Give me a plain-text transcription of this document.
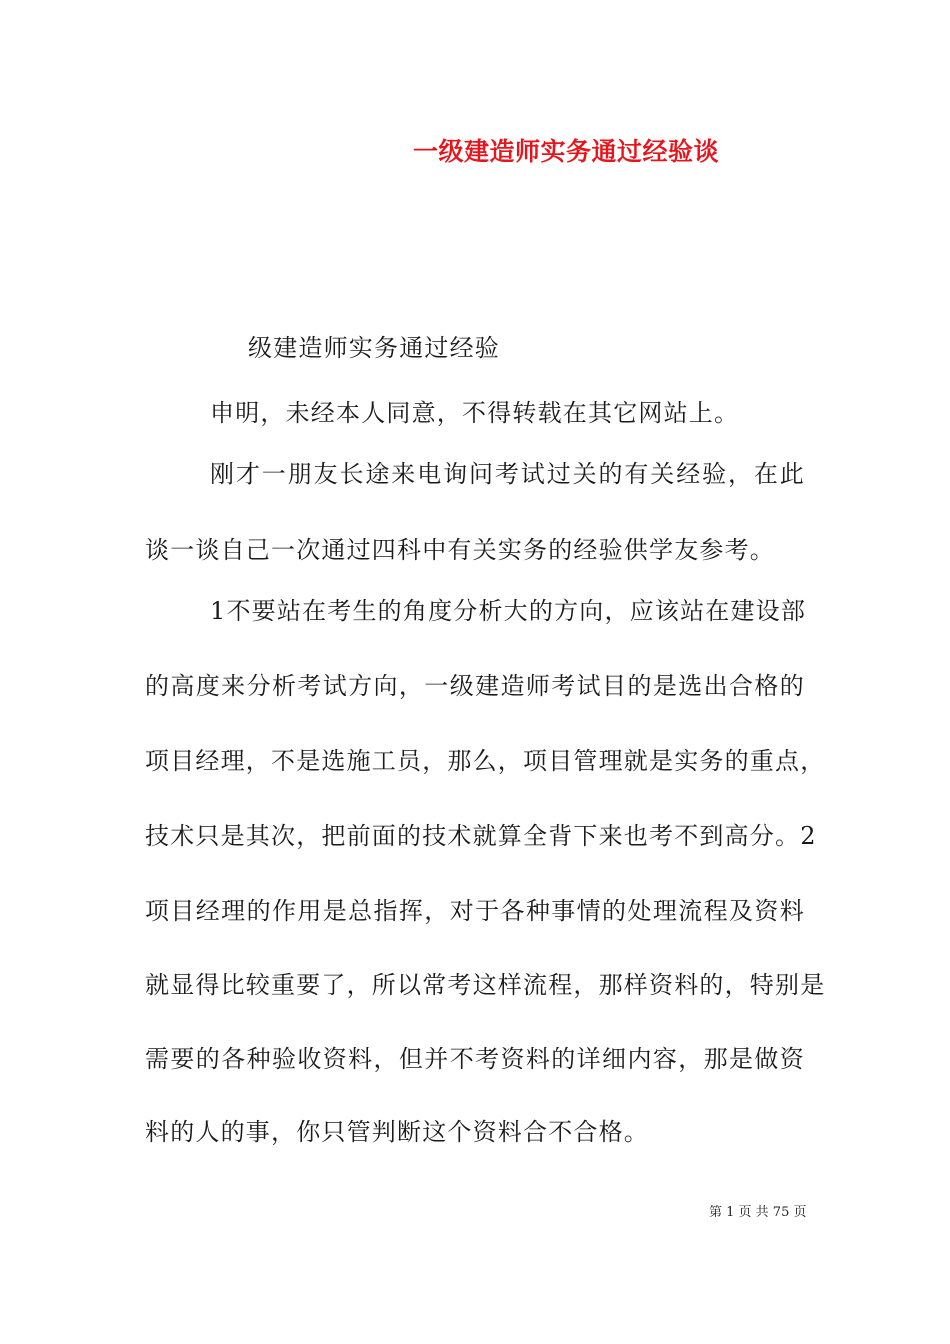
一级建造师实务通过经验谈
级建造师实务通过经验
申明，未经本人同意，不得转载在其它网站上。
刚才一朋友长途来电询问考试过关的有关经验，在此
谈一谈自己一次通过四科中有关实务的经验供学友参考。
1不要站在考生的角度分析大的方向，应该站在建设部
的高度来分析考试方向，一级建造师考试目的是选出合格的
项目经理，不是选施工员，那么，项目管理就是实务的重点，
技术只是其次，把前面的技术就算全背下来也考不到高分。2
项目经理的作用是总指挥，对于各种事情的处理流程及资料
就显得比较重要了，所以常考这样流程，那样资料的，特别是
需要的各种验收资料，但并不考资料的详细内容，那是做资
料的人的事，你只管判断这个资料合不合格。
第 1 页 共 75 页
